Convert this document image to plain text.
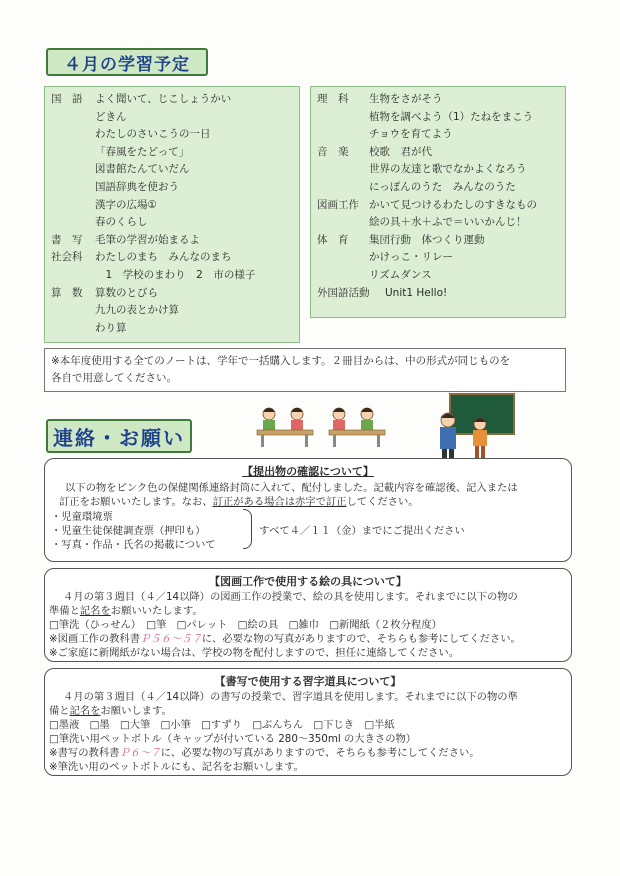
４月の学習予定
国　語	よく聞いて、じこしょうかい
どきん
わたしのさいこうの一日
「春風をたどって」
図書館たんていだん
国語辞典を使おう
漢字の広場①
春のくらし
書　写	毛筆の学習が始まるよ
社会科	わたしのまち　みんなのまち
　1　学校のまわり　2　市の様子
算　数	算数のとびら
九九の表とかけ算
わり算
理　科	生物をさがそう
植物を調べよう（1）たねをまこう
チョウを育てよう
音　楽	校歌　君が代
世界の友達と歌でなかよくなろう
にっぽんのうた　みんなのうた
図画工作 かいて見つけるわたしのすきなもの
絵の具＋水＋ふで＝いいかんじ！
体　育	集団行動　体つくり運動
かけっこ・リレー
リズムダンス
外国語活動 Unit1 Hello!
※本年度使用する全てのノートは、学年で一括購入します。２冊目からは、中の形式が同じものを
各自で用意してください。
連絡・お願い
【提出物の確認について】
以下の物をピンク色の保健関係連絡封筒に入れて、配付しました。記載内容を確認後、記入または
訂正をお願いいたします。なお、訂正がある場合は赤字で訂正してください。
・児童環境票
・児童生徒保健調査票（押印も）
・写真・作品・氏名の掲載について
すべて４／１１（金）までにご提出ください
【図画工作で使用する絵の具について】
４月の第３週目（４／14以降）の図画工作の授業で、絵の具を使用します。それまでに以下の物の
準備と記名をお願いいたします。
□筆洗（ひっせん）　□筆　□パレット　□絵の具　□雑巾　□新聞紙（２枚分程度）
※図画工作の教科書Ｐ５６～５７に、必要な物の写真がありますので、そちらも参考にしてください。
※ご家庭に新聞紙がない場合は、学校の物を配付しますので、担任に連絡してください。
【書写で使用する習字道具について】
４月の第３週目（４／14以降）の書写の授業で、習字道具を使用します。それまでに以下の物の準
備と記名をお願いします。
□墨液　□墨　□大筆　□小筆　□すずり　□ぶんちん　□下じき　□半紙
□筆洗い用ペットボトル（キャップが付いている 280～350ml の大きさの物）
※書写の教科書Ｐ６～７に、必要な物の写真がありますので、そちらも参考にしてください。
※筆洗い用のペットボトルにも、記名をお願いします。
